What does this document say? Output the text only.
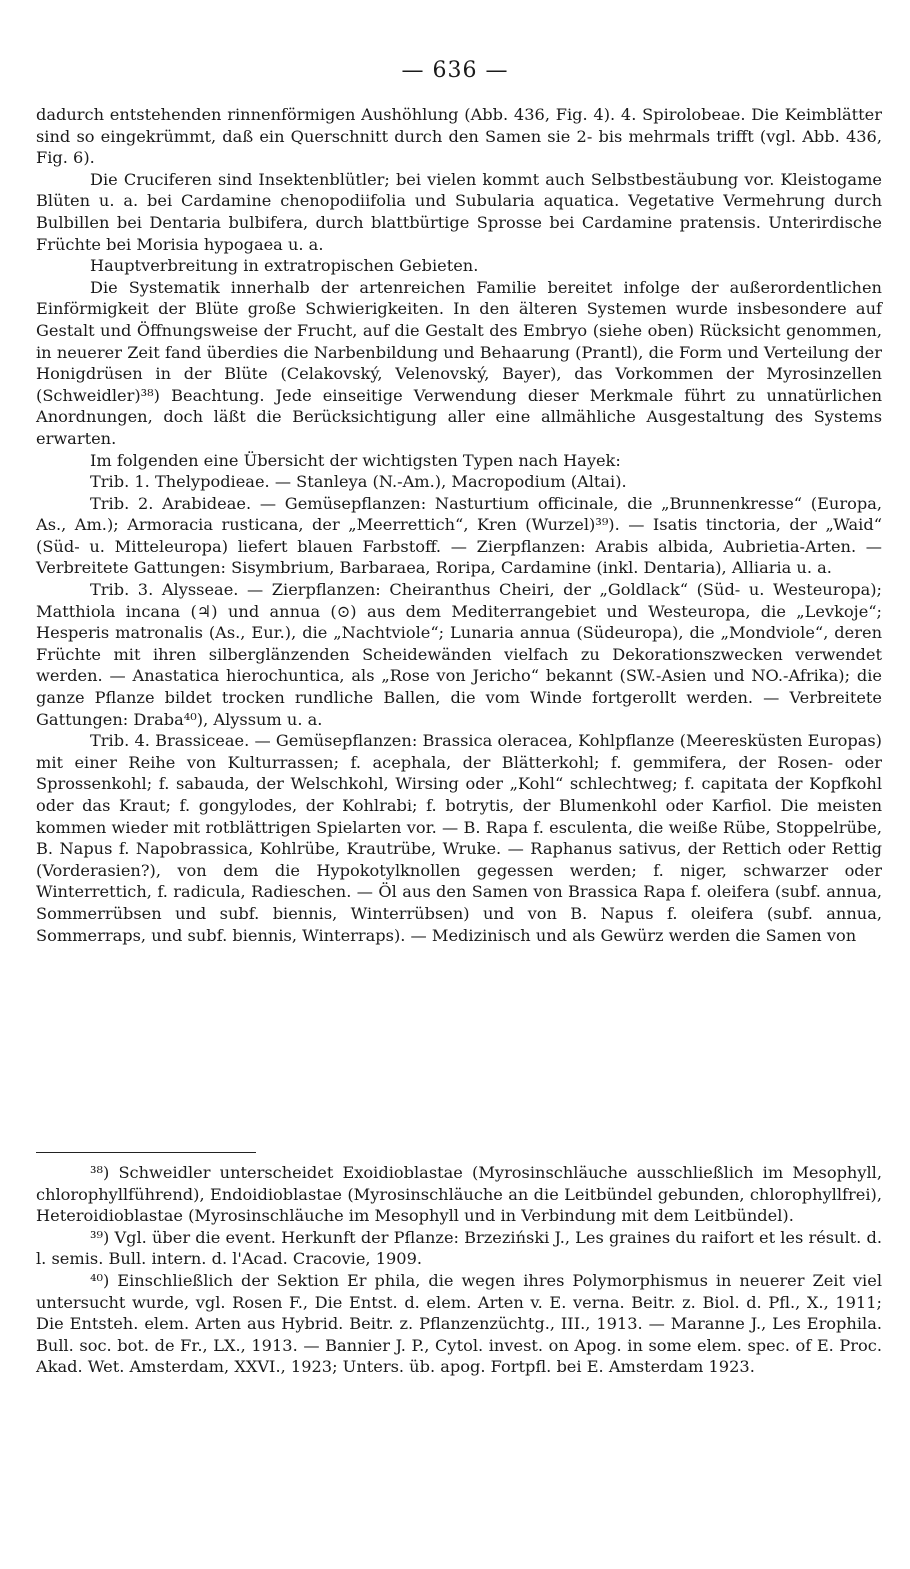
— 636 —

dadurch entstehenden rinnenförmigen Aushöhlung (Abb. 436, Fig. 4). 4. Spirolobeae. Die Keimblätter sind so eingekrümmt, daß ein Querschnitt durch den Samen sie 2- bis mehrmals trifft (vgl. Abb. 436, Fig. 6).

Die Cruciferen sind Insektenblütler; bei vielen kommt auch Selbstbestäubung vor. Kleistogame Blüten u. a. bei Cardamine chenopodiifolia und Subularia aquatica. Vegetative Vermehrung durch Bulbillen bei Dentaria bulbifera, durch blattbürtige Sprosse bei Cardamine pratensis. Unterirdische Früchte bei Morisia hypogaea u. a.

Hauptverbreitung in extratropischen Gebieten.

Die Systematik innerhalb der artenreichen Familie bereitet infolge der außerordentlichen Einförmigkeit der Blüte große Schwierigkeiten. In den älteren Systemen wurde insbesondere auf Gestalt und Öffnungsweise der Frucht, auf die Gestalt des Embryo (siehe oben) Rücksicht genommen, in neuerer Zeit fand überdies die Narbenbildung und Behaarung (Prantl), die Form und Verteilung der Honigdrüsen in der Blüte (Celakovský, Velenovský, Bayer), das Vorkommen der Myrosinzellen (Schweidler)³⁸) Beachtung. Jede einseitige Verwendung dieser Merkmale führt zu unnatürlichen Anordnungen, doch läßt die Berücksichtigung aller eine allmähliche Ausgestaltung des Systems erwarten.

Im folgenden eine Übersicht der wichtigsten Typen nach Hayek:

Trib. 1. Thelypodieae. — Stanleya (N.-Am.), Macropodium (Altai).

Trib. 2. Arabideae. — Gemüsepflanzen: Nasturtium officinale, die „Brunnenkresse“ (Europa, As., Am.); Armoracia rusticana, der „Meerrettich“, Kren (Wurzel)³⁹). — Isatis tinctoria, der „Waid“ (Süd- u. Mitteleuropa) liefert blauen Farbstoff. — Zierpflanzen: Arabis albida, Aubrietia-Arten. — Verbreitete Gattungen: Sisymbrium, Barbaraea, Roripa, Cardamine (inkl. Dentaria), Alliaria u. a.

Trib. 3. Alysseae. — Zierpflanzen: Cheiranthus Cheiri, der „Goldlack“ (Süd- u. Westeuropa); Matthiola incana (♃) und annua (⊙) aus dem Mediterrangebiet und Westeuropa, die „Levkoje“; Hesperis matronalis (As., Eur.), die „Nachtviole“; Lunaria annua (Südeuropa), die „Mondviole“, deren Früchte mit ihren silberglänzenden Scheidewänden vielfach zu Dekorationszwecken verwendet werden. — Anastatica hierochuntica, als „Rose von Jericho“ bekannt (SW.-Asien und NO.-Afrika); die ganze Pflanze bildet trocken rundliche Ballen, die vom Winde fortgerollt werden. — Verbreitete Gattungen: Draba⁴⁰), Alyssum u. a.

Trib. 4. Brassiceae. — Gemüsepflanzen: Brassica oleracea, Kohlpflanze (Meeresküsten Europas) mit einer Reihe von Kulturrassen; f. acephala, der Blätterkohl; f. gemmifera, der Rosen- oder Sprossenkohl; f. sabauda, der Welschkohl, Wirsing oder „Kohl“ schlechtweg; f. capitata der Kopfkohl oder das Kraut; f. gongylodes, der Kohlrabi; f. botrytis, der Blumenkohl oder Karfiol. Die meisten kommen wieder mit rotblättrigen Spielarten vor. — B. Rapa f. esculenta, die weiße Rübe, Stoppelrübe, B. Napus f. Napobrassica, Kohlrübe, Krautrübe, Wruke. — Raphanus sativus, der Rettich oder Rettig (Vorderasien?), von dem die Hypokotylknollen gegessen werden; f. niger, schwarzer oder Winterrettich, f. radicula, Radieschen. — Öl aus den Samen von Brassica Rapa f. oleifera (subf. annua, Sommerrübsen und subf. biennis, Winterrübsen) und von B. Napus f. oleifera (subf. annua, Sommerraps, und subf. biennis, Winterraps). — Medizinisch und als Gewürz werden die Samen von

³⁸) Schweidler unterscheidet Exoidioblastae (Myrosinschläuche ausschließlich im Mesophyll, chlorophyllführend), Endoidioblastae (Myrosinschläuche an die Leitbündel gebunden, chlorophyllfrei), Heteroidioblastae (Myrosinschläuche im Mesophyll und in Verbindung mit dem Leitbündel).

³⁹) Vgl. über die event. Herkunft der Pflanze: Brzeziński J., Les graines du raifort et les résult. d. l. semis. Bull. intern. d. l'Acad. Cracovie, 1909.

⁴⁰) Einschließlich der Sektion Er phila, die wegen ihres Polymorphismus in neuerer Zeit viel untersucht wurde, vgl. Rosen F., Die Entst. d. elem. Arten v. E. verna. Beitr. z. Biol. d. Pfl., X., 1911; Die Entsteh. elem. Arten aus Hybrid. Beitr. z. Pflanzenzüchtg., III., 1913. — Maranne J., Les Erophila. Bull. soc. bot. de Fr., LX., 1913. — Bannier J. P., Cytol. invest. on Apog. in some elem. spec. of E. Proc. Akad. Wet. Amsterdam, XXVI., 1923; Unters. üb. apog. Fortpfl. bei E. Amsterdam 1923.
